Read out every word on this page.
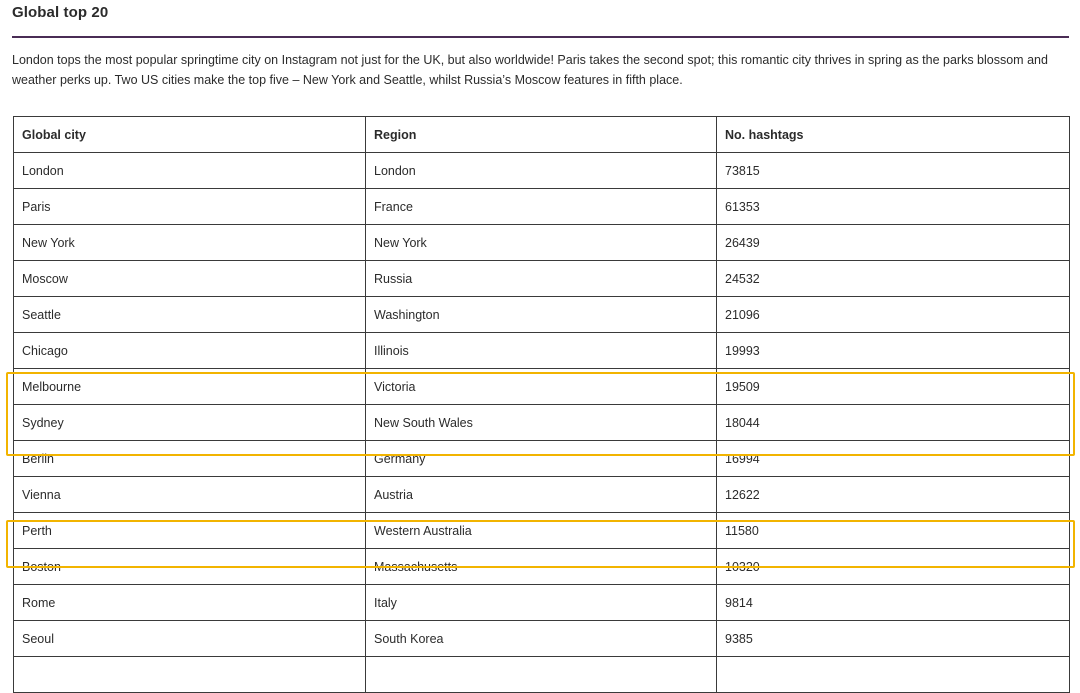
Global top 20

London tops the most popular springtime city on Instagram not just for the UK, but also worldwide! Paris takes the second spot; this romantic city thrives in spring as the parks blossom and weather perks up. Two US cities make the top five – New York and Seattle, whilst Russia’s Moscow features in fifth place.

Global city	Region	No. hashtags
London	London	73815
Paris	France	61353
New York	New York	26439
Moscow	Russia	24532
Seattle	Washington	21096
Chicago	Illinois	19993
Melbourne	Victoria	19509
Sydney	New South Wales	18044
Berlin	Germany	16994
Vienna	Austria	12622
Perth	Western Australia	11580
Boston	Massachusetts	10320
Rome	Italy	9814
Seoul	South Korea	9385
